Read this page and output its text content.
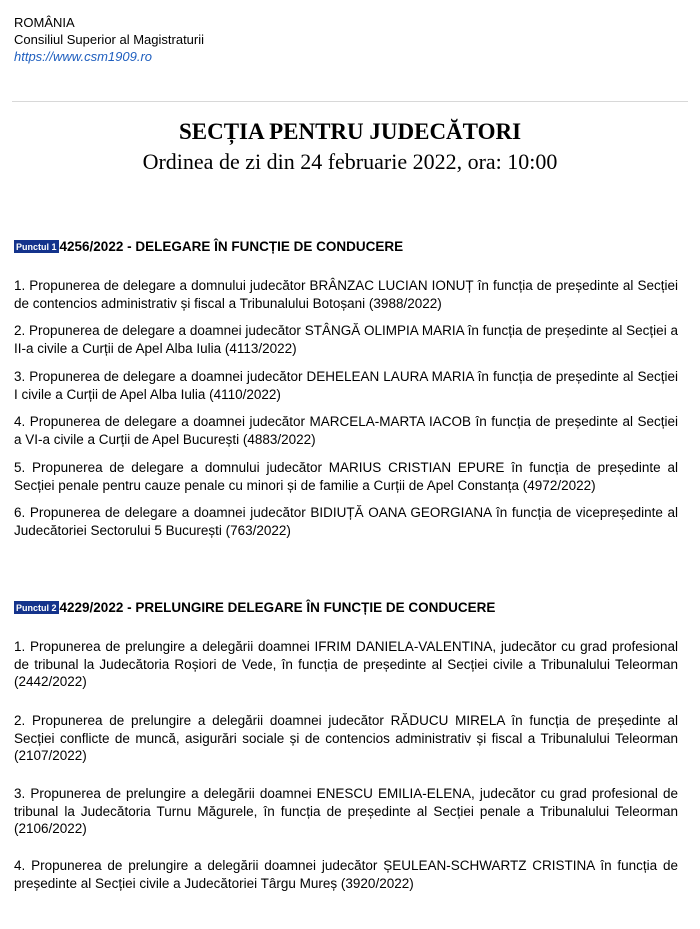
ROMÂNIA
Consiliul Superior al Magistraturii
https://www.csm1909.ro
SECȚIA PENTRU JUDECĂTORI
Ordinea de zi din 24 februarie 2022, ora: 10:00
Punctul 1 4256/2022 - DELEGARE ÎN FUNCȚIE DE CONDUCERE
1. Propunerea de delegare a domnului judecător BRÂNZAC LUCIAN IONUȚ în funcția de președinte al Secției de contencios administrativ și fiscal a Tribunalului Botoșani (3988/2022)
2. Propunerea de delegare a doamnei judecător STÂNGĂ OLIMPIA MARIA în funcția de președinte al Secției a II-a civile a Curții de Apel Alba Iulia (4113/2022)
3. Propunerea de delegare a doamnei judecător DEHELEAN LAURA MARIA în funcția de președinte al Secției I civile a Curții de Apel Alba Iulia (4110/2022)
4. Propunerea de delegare a doamnei judecător MARCELA-MARTA IACOB în funcția de președinte al Secției a VI-a civile a Curții de Apel București (4883/2022)
5. Propunerea de delegare a domnului judecător MARIUS CRISTIAN EPURE în funcția de președinte al Secției penale pentru cauze penale cu minori și de familie a Curții de Apel Constanța (4972/2022)
6. Propunerea de delegare a doamnei judecător BIDIUȚĂ OANA GEORGIANA în funcția de vicepreședinte al Judecătoriei Sectorului 5 București (763/2022)
Punctul 2 4229/2022 - PRELUNGIRE DELEGARE ÎN FUNCȚIE DE CONDUCERE
1. Propunerea de prelungire a delegării doamnei IFRIM DANIELA-VALENTINA, judecător cu grad profesional de tribunal la Judecătoria Roșiori de Vede, în funcția de președinte al Secției civile a Tribunalului Teleorman (2442/2022)
2. Propunerea de prelungire a delegării doamnei judecător RĂDUCU MIRELA în funcția de președinte al Secției conflicte de muncă, asigurări sociale și de contencios administrativ și fiscal a Tribunalului Teleorman (2107/2022)
3. Propunerea de prelungire a delegării doamnei ENESCU EMILIA-ELENA, judecător cu grad profesional de tribunal la Judecătoria Turnu Măgurele, în funcția de președinte al Secției penale a Tribunalului Teleorman (2106/2022)
4. Propunerea de prelungire a delegării doamnei judecător ȘEULEAN-SCHWARTZ CRISTINA în funcția de președinte al Secției civile a Judecătoriei Târgu Mureș (3920/2022)
